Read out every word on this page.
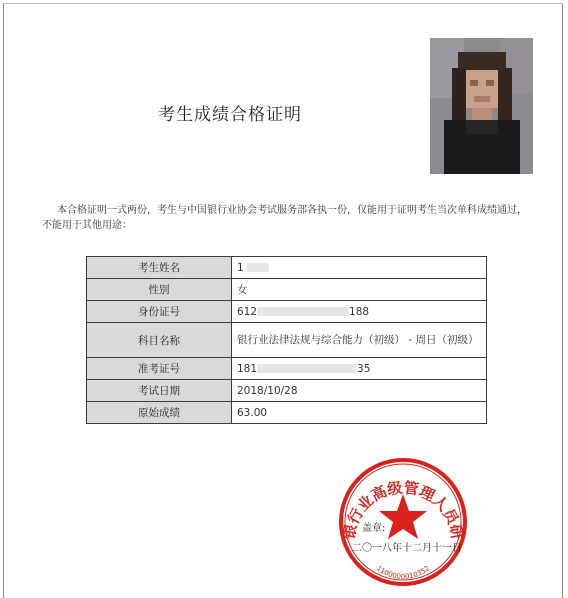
考生成绩合格证明
本合格证明一式两份，考生与中国银行业协会考试服务部各执一份，仅能用于证明考生当次单科成绩通过，不能用于其他用途：
考生姓名	1
性别	女
身份证号	612 188
科目名称	银行业法律法规与综合能力（初级） - 周日（初级）
准考证号	181 35
考试日期	2018/10/28
原始成绩	63.00
银行业高级管理人员研
1100000010352
盖章:
二〇一八年十二月十一日
